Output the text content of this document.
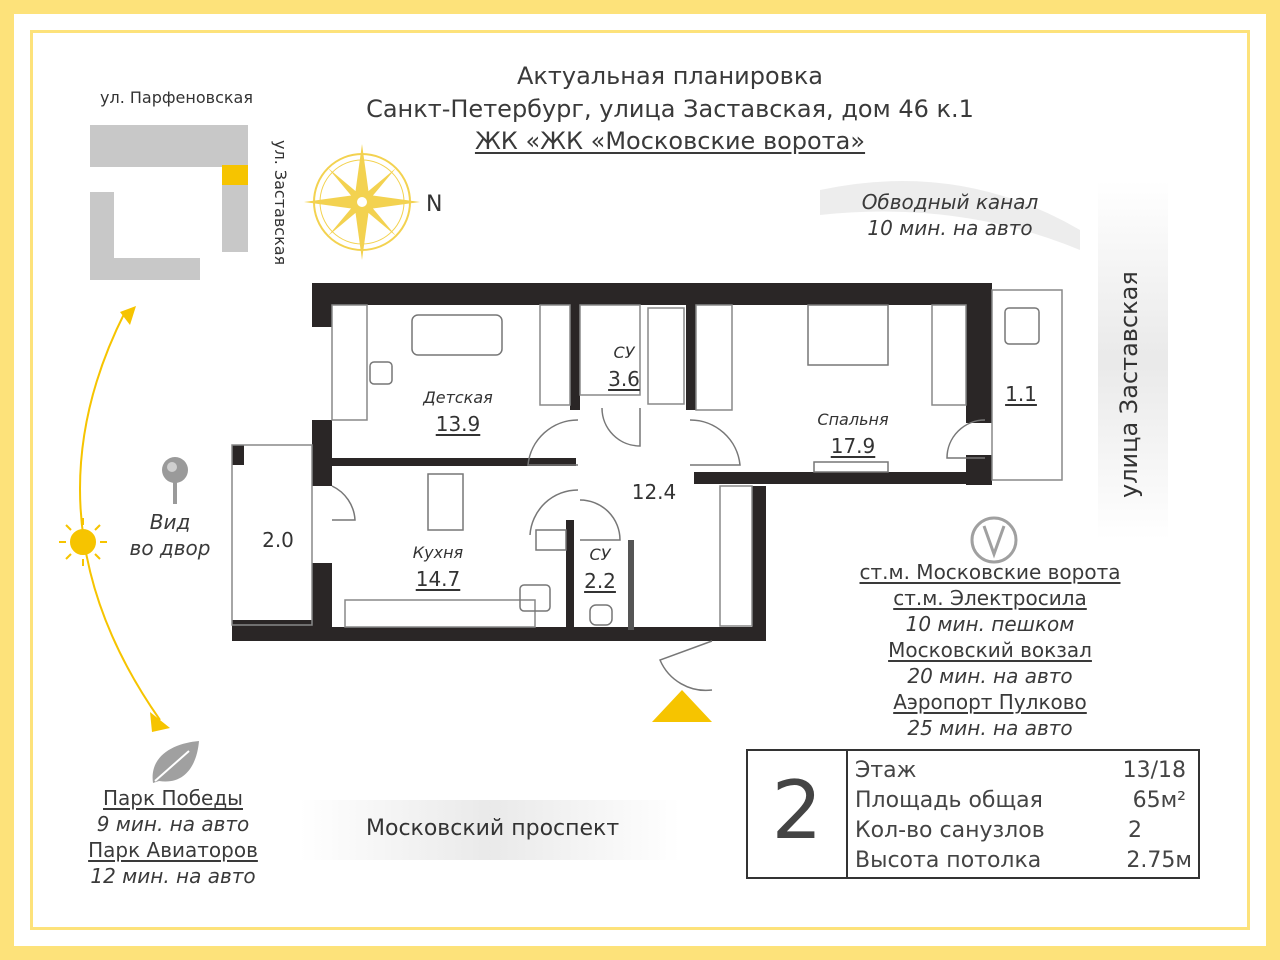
Актуальная планировка
Санкт-Петербург, улица Заставская, дом 46 к.1
ЖК «ЖК «Московские ворота»
ул. Парфеновская
ул. Заставская
улица Заставская
Московский проспект
N	Обводный канал
10 мин. на авто
Вид
во двор
Парк Победы
9 мин. на авто
Парк Авиаторов
12 мин. на авто
ст.м. Московские ворота
ст.м. Электросила
10 мин. пешком
Московский вокзал
20 мин. на авто
Аэропорт Пулково
25 мин. на авто
Детская
13.9
СУ
3.6
Спальня
17.9
1.1
12.4
Кухня
14.7
СУ
2.2
2.0
2	Этаж	13/18
Площадь общая	65м²
Кол-во санузлов	2
Высота потолка	2.75м
